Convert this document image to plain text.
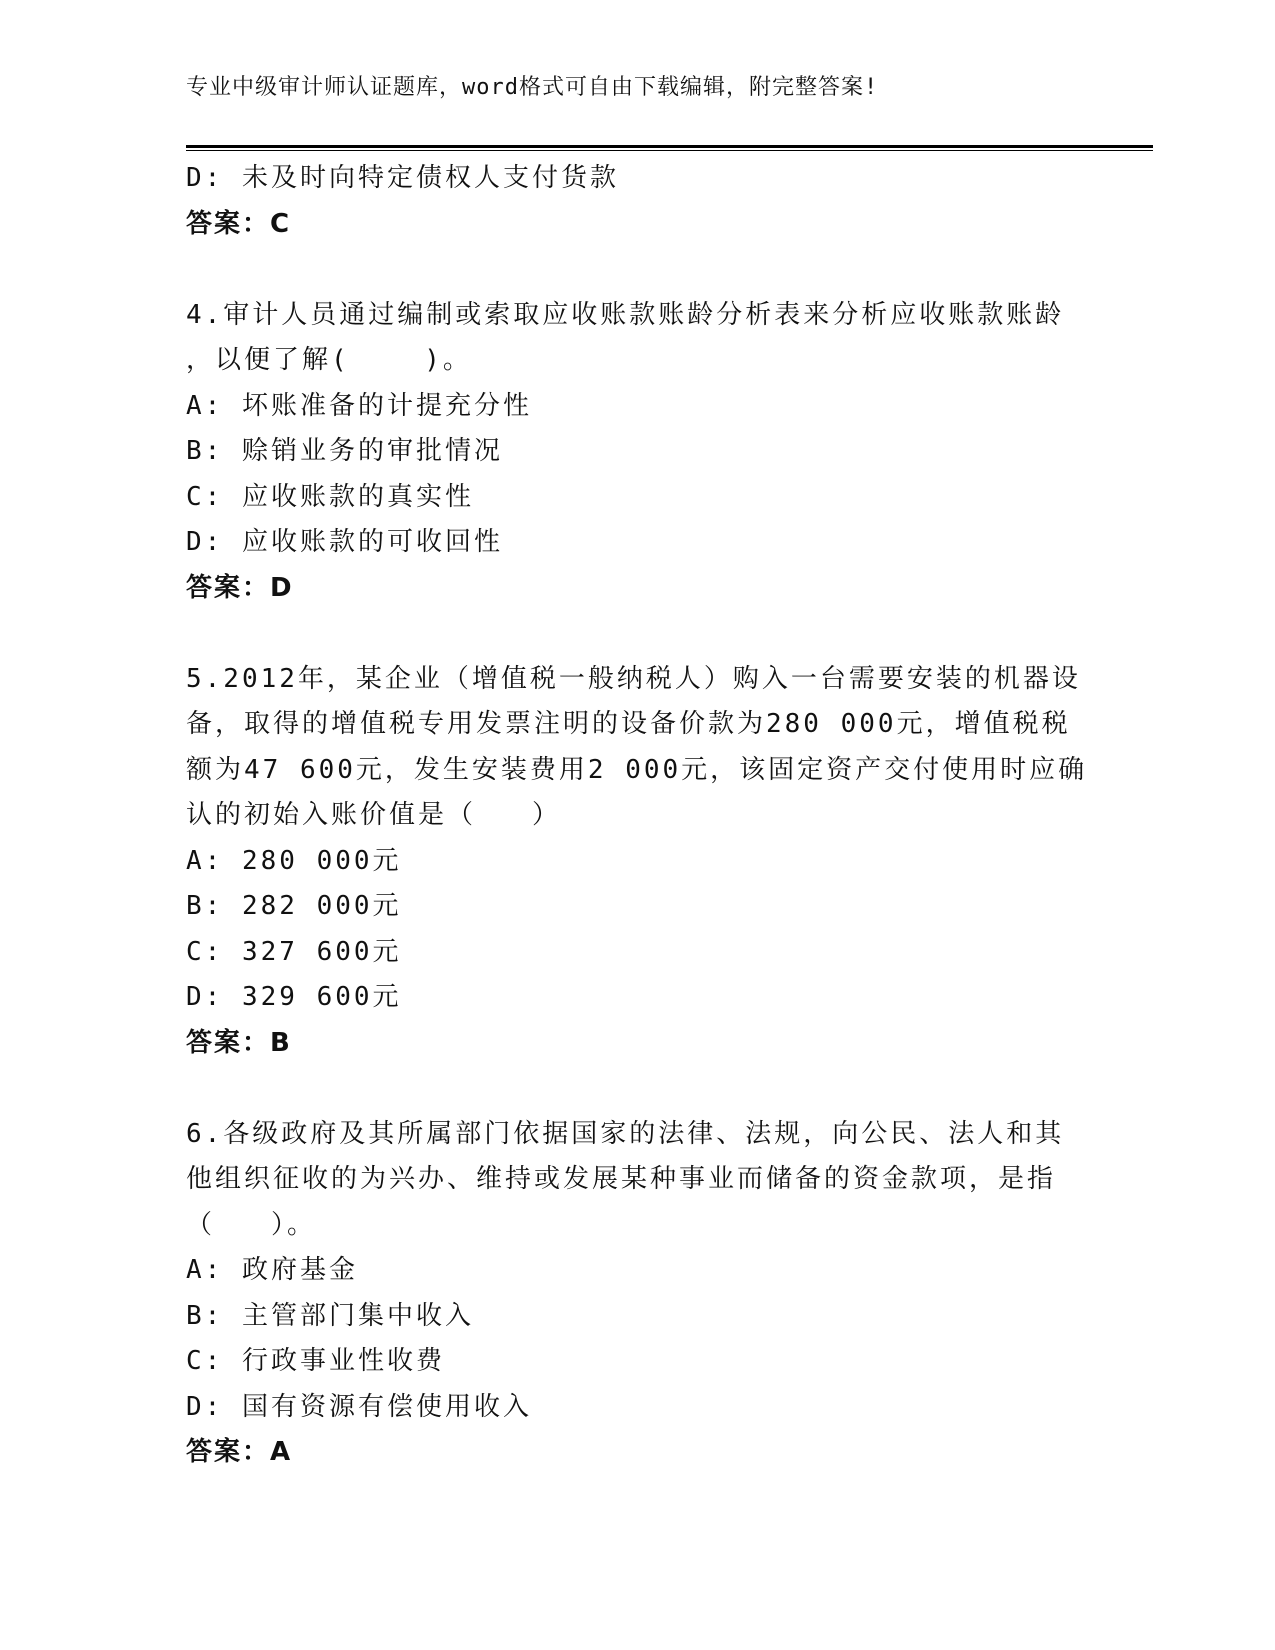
专业中级审计师认证题库，word格式可自由下载编辑，附完整答案!
D: 未及时向特定债权人支付货款
答案：C
4.审计人员通过编制或索取应收账款账龄分析表来分析应收账款账龄
，以便了解(    )。
A: 坏账准备的计提充分性
B: 赊销业务的审批情况
C: 应收账款的真实性
D: 应收账款的可收回性
答案：D
5.2012年，某企业（增值税一般纳税人）购入一台需要安装的机器设
备，取得的增值税专用发票注明的设备价款为280 000元，增值税税
额为47 600元，发生安装费用2 000元，该固定资产交付使用时应确
认的初始入账价值是（   ）
A: 280 000元
B: 282 000元
C: 327 600元
D: 329 600元
答案：B
6.各级政府及其所属部门依据国家的法律、法规，向公民、法人和其
他组织征收的为兴办、维持或发展某种事业而储备的资金款项，是指
（   ）。
A: 政府基金
B: 主管部门集中收入
C: 行政事业性收费
D: 国有资源有偿使用收入
答案：A
